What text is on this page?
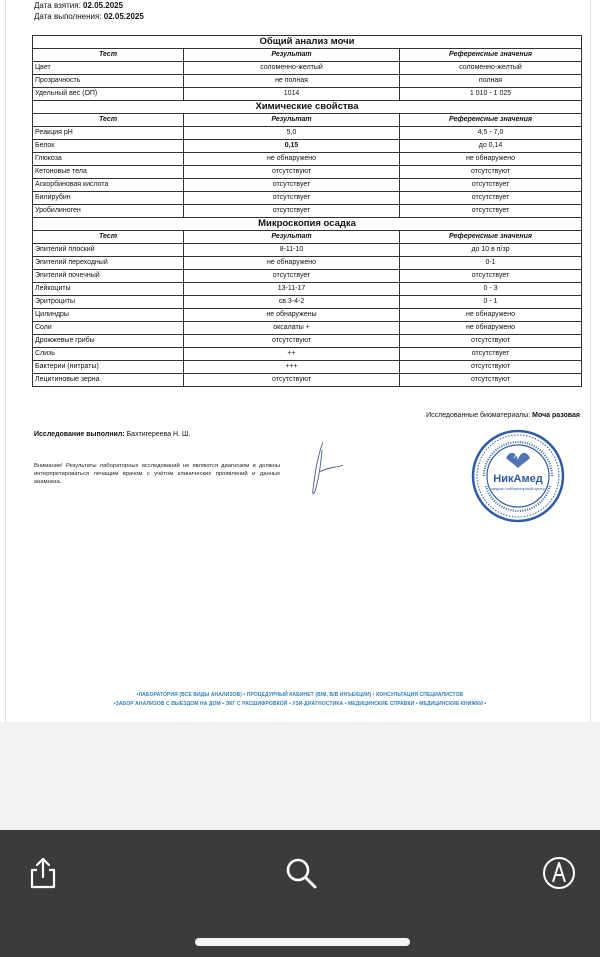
Дата взятия: 02.05.2025
Дата выполнения: 02.05.2025
Общий анализ мочи		
Тест	Результат	Референсные значения
Цвет	соломенно-желтый	соломенно-желтый
Прозрачность	не полная	полная
Удельный вес (ОП)	1014	1 010 - 1 025
Химические свойства		
Тест	Результат	Референсные значения
Реакция рН	5,0	4,5 - 7,0
Белок	0,15	до 0,14
Глюкоза	не обнаружено	не обнаружено
Кетоновые тела	отсутствуют	отсутствуют
Аскорбиновая кислота	отсутствует	отсутствует
Билирубин	отсутствует	отсутствует
Уробилиноген	отсутствует	отсутствует
Микроскопия осадка		
Тест	Результат	Референсные значения
Эпителий плоский	8-11-10	до 10 в п/зр
Эпителий переходный	не обнаружено	0-1
Эпителий почечный	отсутствует	отсутствует
Лейкоциты	13-11-17	0 - 3
Эритроциты	св.3-4-2	0 - 1
Цилиндры	не обнаружены	не обнаружено
Соли	оксалаты +	не обнаружено
Дрожжевые грибы	отсутствуют	отсутствуют
Слизь	++	отсутствует
Бактерии (нитраты)	+++	отсутствуют
Лецитиновые зерна	отсутствуют	отсутствуют
Исследованные биоматериалы: Моча разовая
Исследование выполнил: Бахтигереева Н. Ш.
Внимание! Результаты лабораторных исследований не являются диагнозом и должны интерпретироваться лечащим врачом с учётом клинических проявлений и данных анамнеза.	НикАмед
медико-лабораторный центр
•ЛАБОРАТОРИЯ (ВСЕ ВИДЫ АНАЛИЗОВ) • ПРОЦЕДУРНЫЙ КАБИНЕТ (В/М, В/В ИНЪЕКЦИИ) • КОНСУЛЬТАЦИЯ СПЕЦИАЛИСТОВ
•ЗАБОР АНАЛИЗОВ С ВЫЕЗДОМ НА ДОМ • ЭКГ С РАСШИФРОВКОЙ • УЗИ-ДИАГНОСТИКА • МЕДИЦИНСКИЕ СПРАВКИ • МЕДИЦИНСКИЕ КНИЖКИ •
